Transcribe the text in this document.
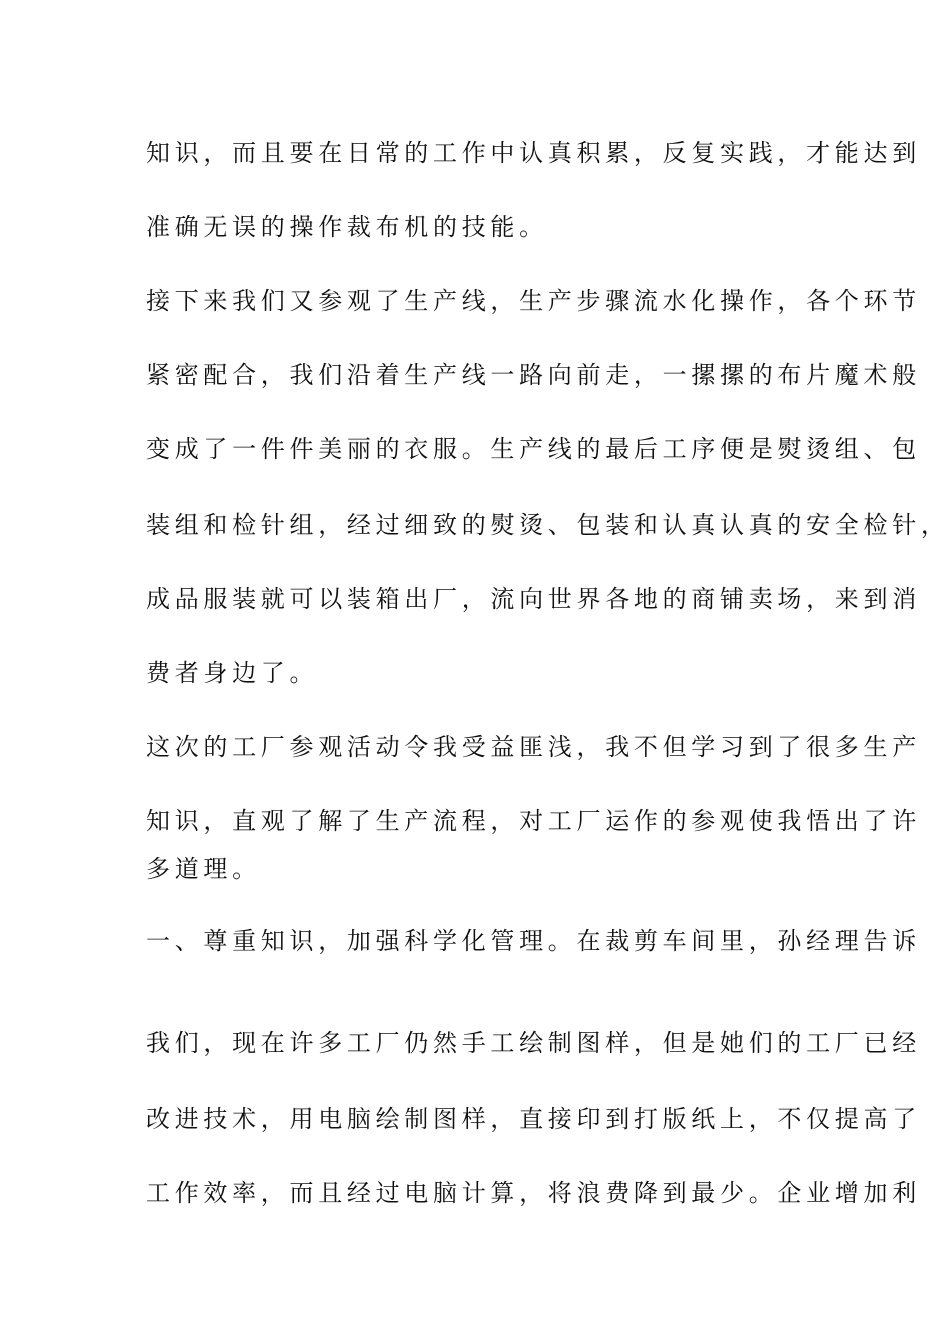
知识，而且要在日常的工作中认真积累，反复实践，才能达到
准确无误的操作裁布机的技能。
接下来我们又参观了生产线，生产步骤流水化操作，各个环节
紧密配合，我们沿着生产线一路向前走，一摞摞的布片魔术般
变成了一件件美丽的衣服。生产线的最后工序便是熨烫组、包
装组和检针组，经过细致的熨烫、包装和认真认真的安全检针，
成品服装就可以装箱出厂，流向世界各地的商铺卖场，来到消
费者身边了。
这次的工厂参观活动令我受益匪浅，我不但学习到了很多生产
知识，直观了解了生产流程，对工厂运作的参观使我悟出了许
多道理。
一、尊重知识，加强科学化管理。在裁剪车间里，孙经理告诉
我们，现在许多工厂仍然手工绘制图样，但是她们的工厂已经
改进技术，用电脑绘制图样，直接印到打版纸上，不仅提高了
工作效率，而且经过电脑计算，将浪费降到最少。企业增加利
